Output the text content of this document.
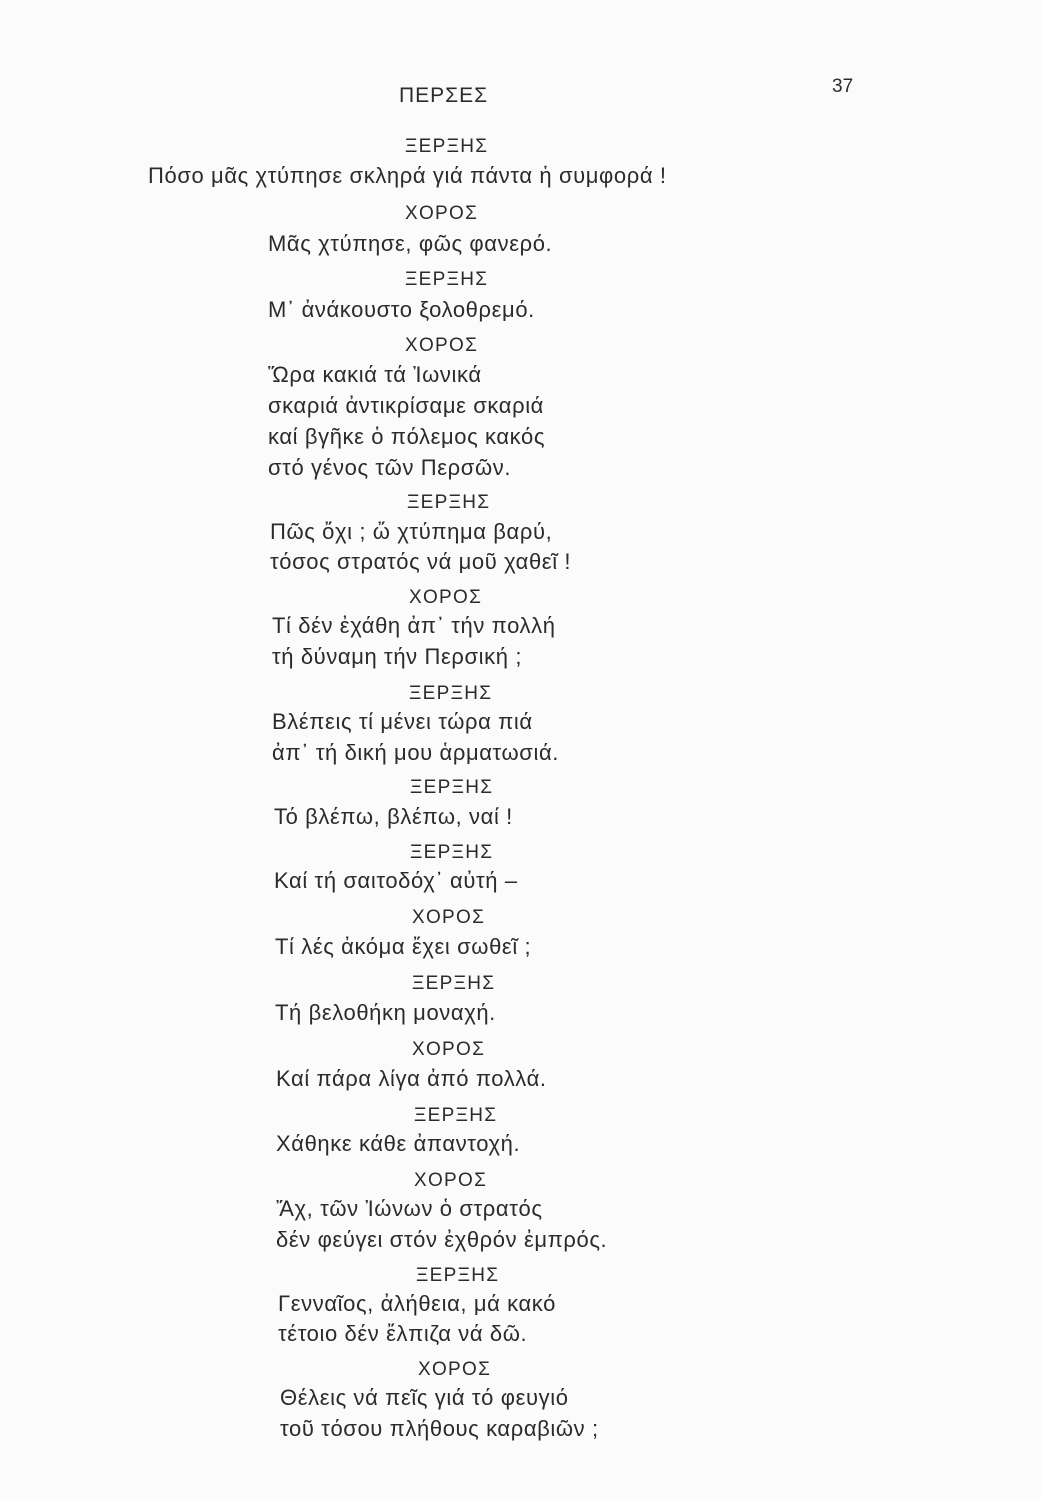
ΠΕΡΣΕΣ	37
ΞΕΡΞΗΣ
Πόσο μᾶς χτύπησε σκληρά γιά πάντα ἡ συμφορά !
ΧΟΡΟΣ
Μᾶς χτύπησε, φῶς φανερό.
ΞΕΡΞΗΣ
Μ᾽ ἀνάκουστο ξολοθρεμό.
ΧΟΡΟΣ
Ὥρα κακιά τά Ἰωνικά
σκαριά ἀντικρίσαμε σκαριά
καί βγῆκε ὁ πόλεμος κακός
στό γένος τῶν Περσῶν.
ΞΕΡΞΗΣ
Πῶς ὄχι ; ὤ χτύπημα βαρύ,
τόσος στρατός νά μοῦ χαθεῖ !
ΧΟΡΟΣ
Τί δέν ἐχάθη ἀπ᾽ τήν πολλή
τή δύναμη τήν Περσική ;
ΞΕΡΞΗΣ
Βλέπεις τί μένει τώρα πιά
ἀπ᾽ τή δική μου ἁρματωσιά.
ΞΕΡΞΗΣ
Τό βλέπω, βλέπω, ναί !
ΞΕΡΞΗΣ
Καί τή σαιτοδόχ᾽ αὐτή –
ΧΟΡΟΣ
Τί λές ἀκόμα ἔχει σωθεῖ ;
ΞΕΡΞΗΣ
Τή βελοθήκη μοναχή.
ΧΟΡΟΣ
Καί πάρα λίγα ἀπό πολλά.
ΞΕΡΞΗΣ
Χάθηκε κάθε ἀπαντοχή.
ΧΟΡΟΣ
Ἄχ, τῶν Ἰώνων ὁ στρατός
δέν φεύγει στόν ἐχθρόν ἐμπρός.
ΞΕΡΞΗΣ
Γενναῖος, ἀλήθεια, μά κακό
τέτοιο δέν ἔλπιζα νά δῶ.
ΧΟΡΟΣ
Θέλεις νά πεῖς γιά τό φευγιό
τοῦ τόσου πλήθους καραβιῶν ;
